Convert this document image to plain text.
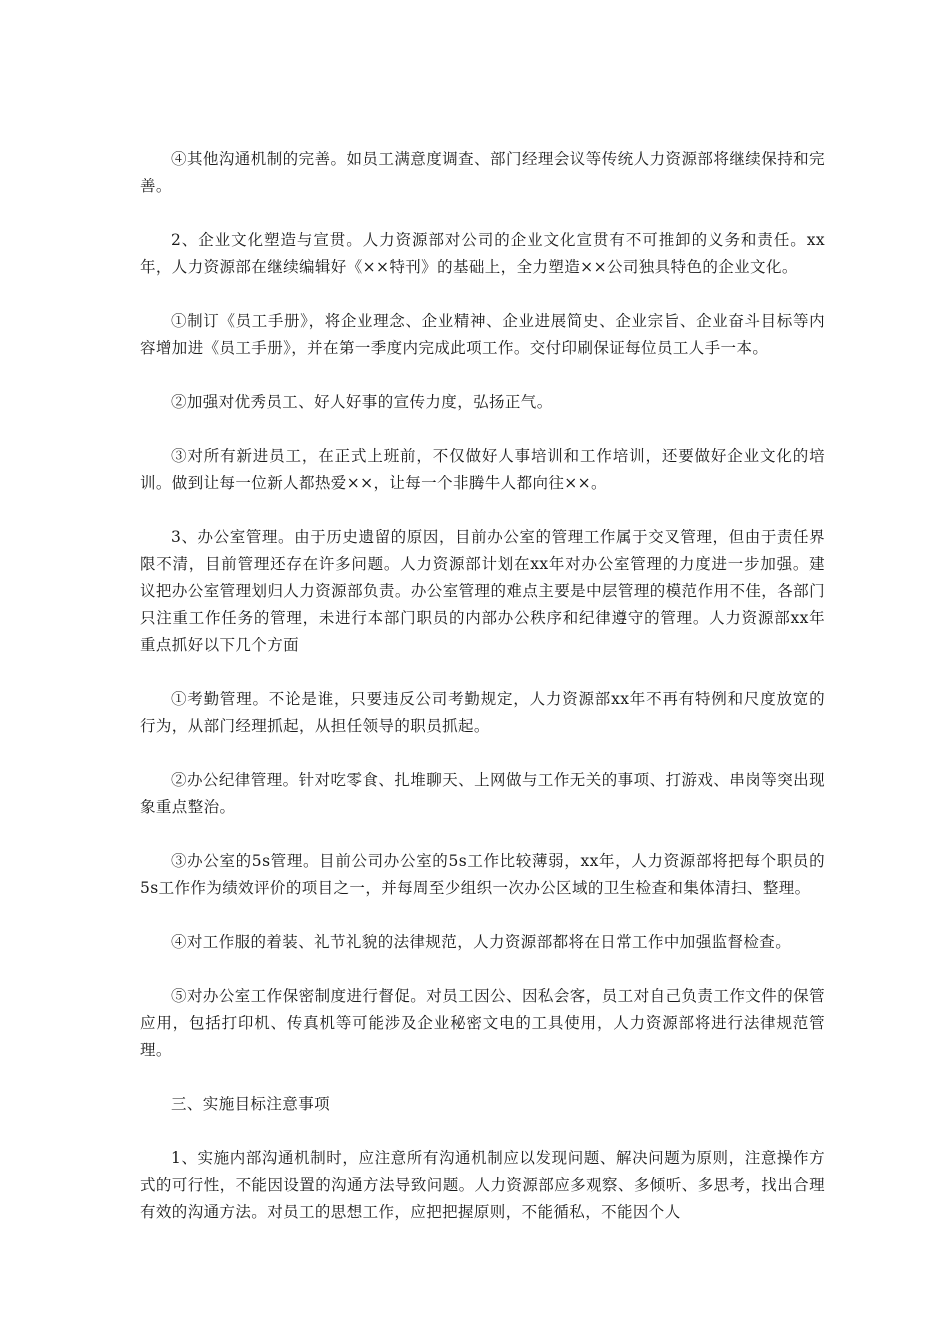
④其他沟通机制的完善。如员工满意度调查、部门经理会议等传统人力资源部将继续保持和完善。

2、企业文化塑造与宣贯。人力资源部对公司的企业文化宣贯有不可推卸的义务和责任。xx年，人力资源部在继续编辑好《××特刊》的基础上，全力塑造××公司独具特色的企业文化。

①制订《员工手册》，将企业理念、企业精神、企业进展简史、企业宗旨、企业奋斗目标等内容增加进《员工手册》，并在第一季度内完成此项工作。交付印刷保证每位员工人手一本。

②加强对优秀员工、好人好事的宣传力度，弘扬正气。

③对所有新进员工，在正式上班前，不仅做好人事培训和工作培训，还要做好企业文化的培训。做到让每一位新人都热爱××，让每一个非腾牛人都向往××。

3、办公室管理。由于历史遗留的原因，目前办公室的管理工作属于交叉管理，但由于责任界限不清，目前管理还存在许多问题。人力资源部计划在xx年对办公室管理的力度进一步加强。建议把办公室管理划归人力资源部负责。办公室管理的难点主要是中层管理的模范作用不佳，各部门只注重工作任务的管理，未进行本部门职员的内部办公秩序和纪律遵守的管理。人力资源部xx年重点抓好以下几个方面

①考勤管理。不论是谁，只要违反公司考勤规定，人力资源部xx年不再有特例和尺度放宽的行为，从部门经理抓起，从担任领导的职员抓起。

②办公纪律管理。针对吃零食、扎堆聊天、上网做与工作无关的事项、打游戏、串岗等突出现象重点整治。

③办公室的5s管理。目前公司办公室的5s工作比较薄弱，xx年，人力资源部将把每个职员的5s工作作为绩效评价的项目之一，并每周至少组织一次办公区域的卫生检查和集体清扫、整理。

④对工作服的着装、礼节礼貌的法律规范，人力资源部都将在日常工作中加强监督检查。

⑤对办公室工作保密制度进行督促。对员工因公、因私会客，员工对自己负责工作文件的保管应用，包括打印机、传真机等可能涉及企业秘密文电的工具使用，人力资源部将进行法律规范管理。

三、实施目标注意事项

1、实施内部沟通机制时，应注意所有沟通机制应以发现问题、解决问题为原则，注意操作方式的可行性，不能因设置的沟通方法导致问题。人力资源部应多观察、多倾听、多思考，找出合理有效的沟通方法。对员工的思想工作，应把把握原则，不能循私，不能因个人
